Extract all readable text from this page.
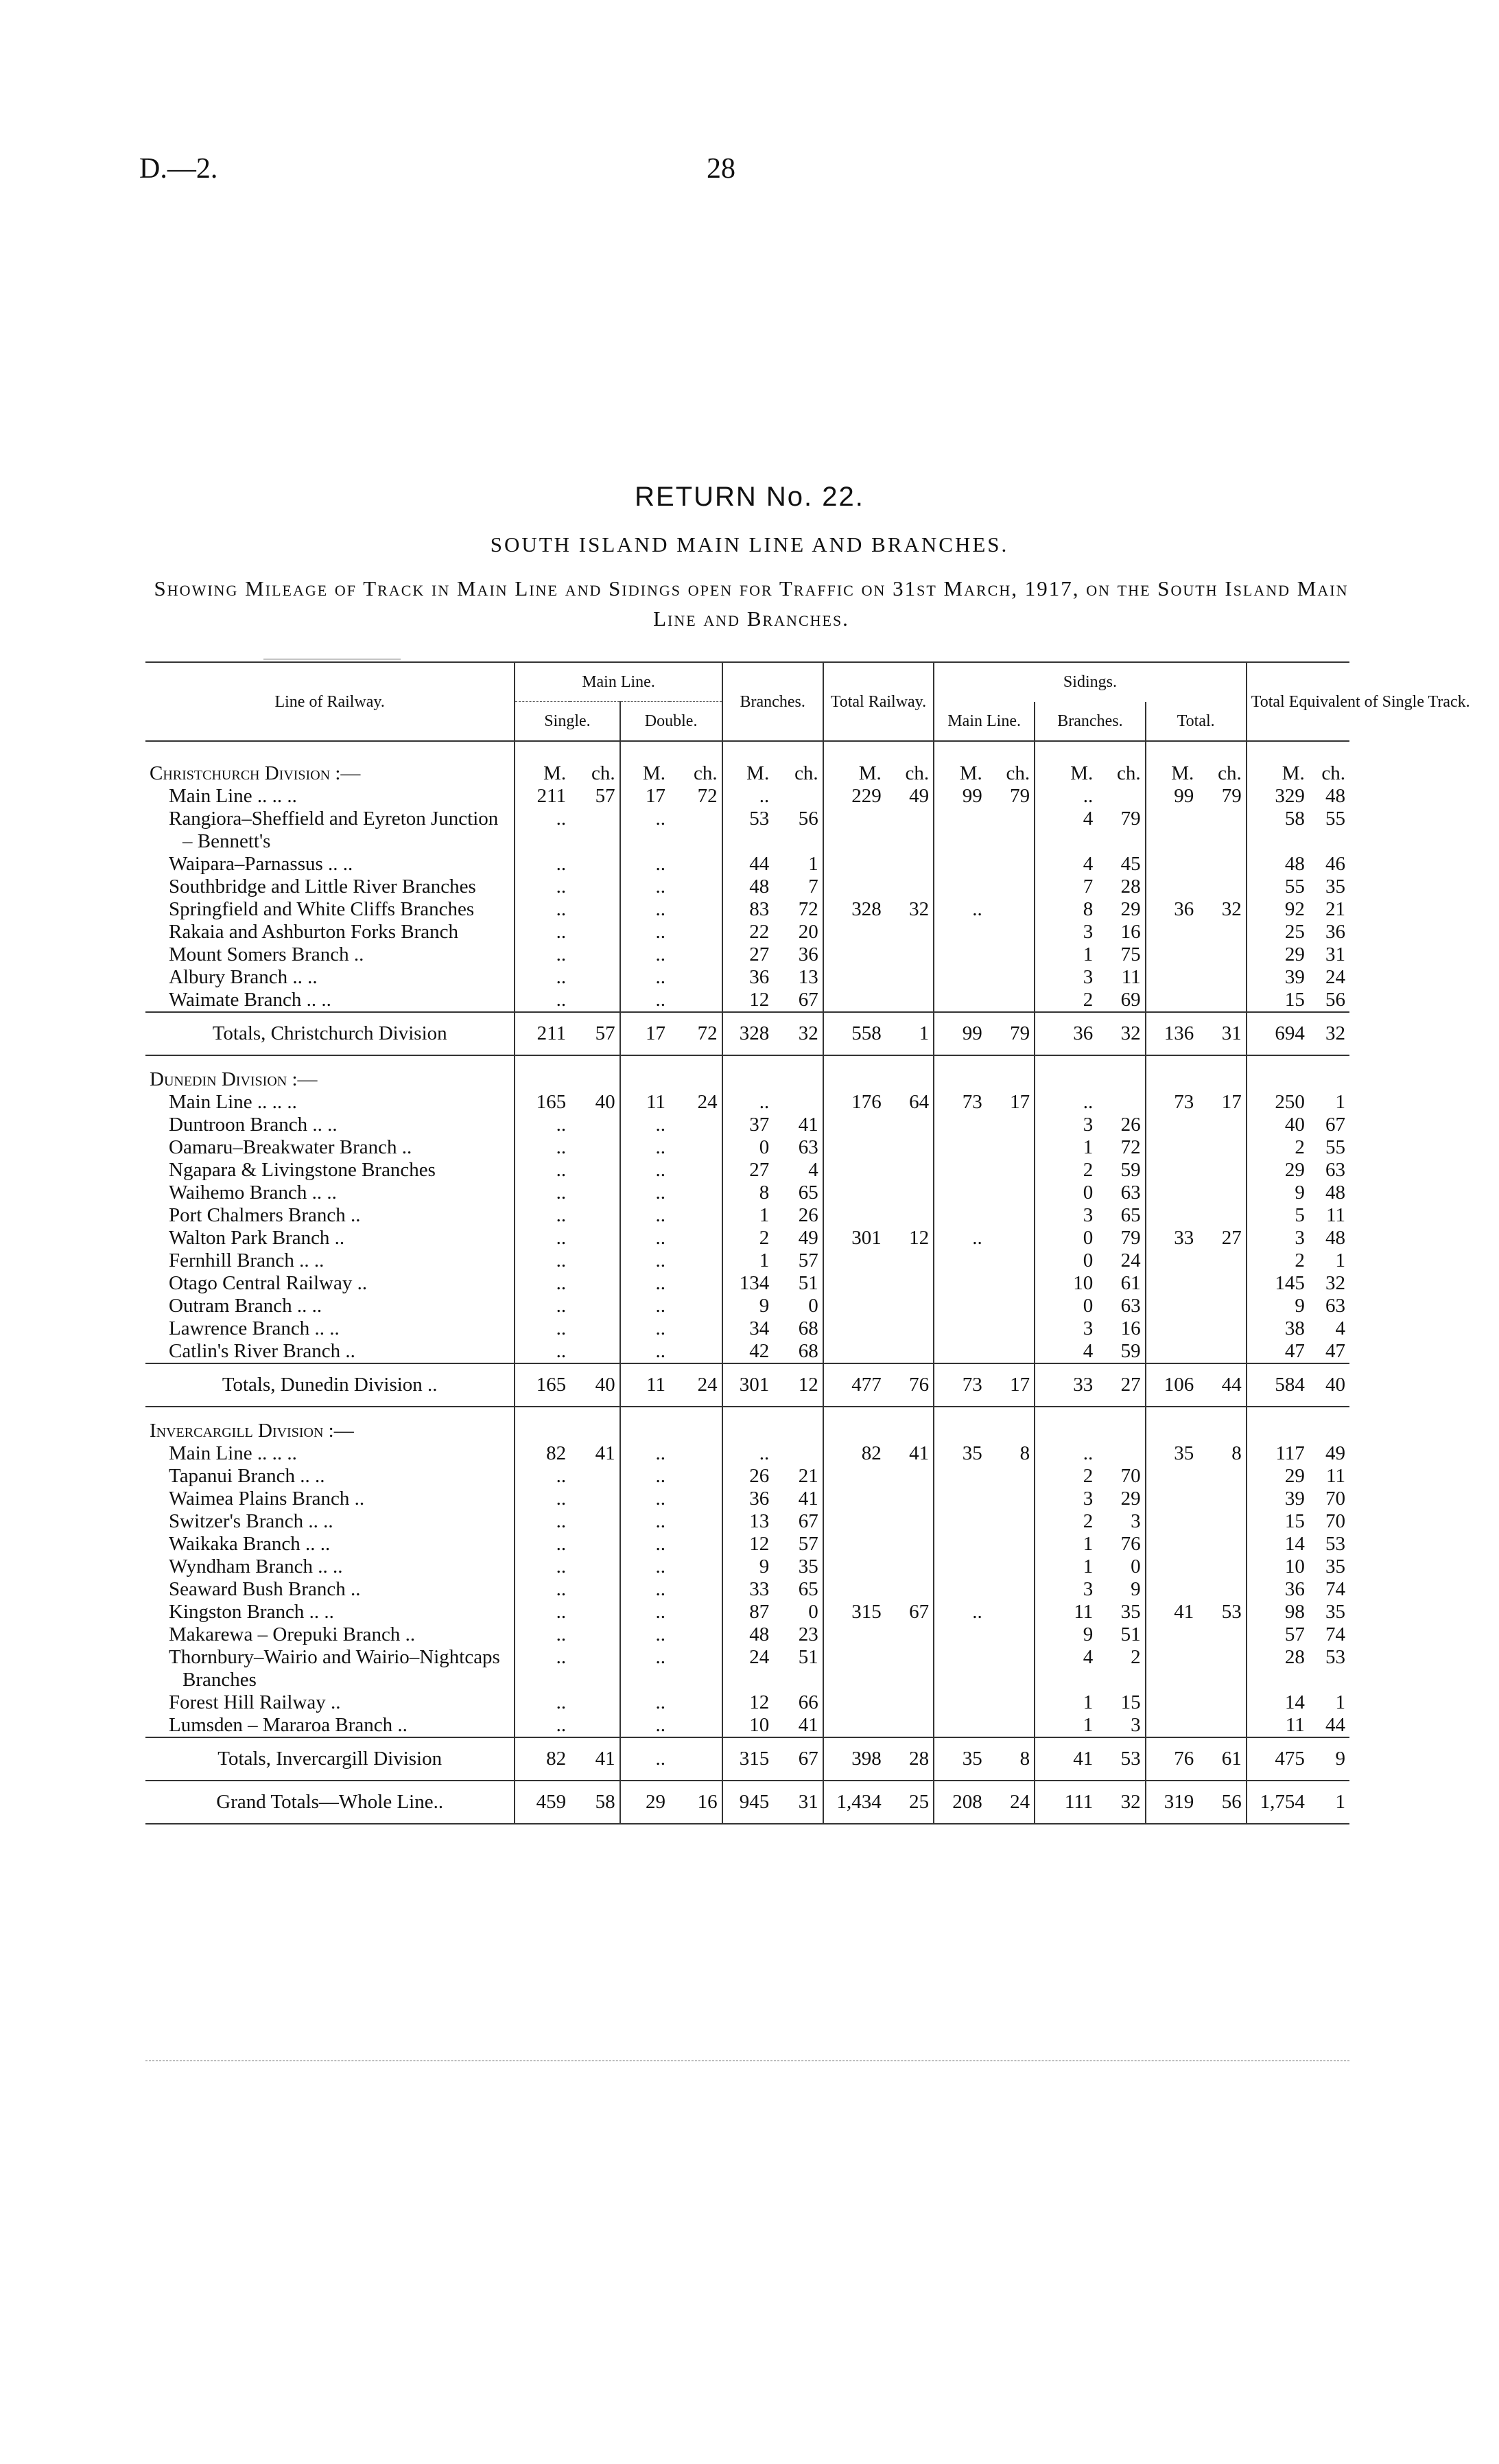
D.—2.	28
RETURN No. 22.
SOUTH ISLAND MAIN LINE AND BRANCHES.
Showing Mileage of Track in Main Line and Sidings open for Traffic on 31st March, 1917, on the South Island Main Line and Branches.
Line of Railway.	Main Line.				Branches.		Total Railway.		Sidings.						Total Equivalent of Single Track.	
	Single.		Double.						Main Line.		Branches.		Total.			
Christchurch Division :—	M.	ch.	M.	ch.	M.	ch.	M.	ch.	M.	ch.	M.	ch.	M.	ch.	M.	ch.

Main Line .. .. ..	211	57	17	72	..		229	49	99	79	..		99	79	329	48

Rangiora–Sheffield and Eyreton Junction – Bennett's	..		..		53	56					4	79			58	55

Waipara–Parnassus .. ..	..		..		44	1					4	45			48	46

Southbridge and Little River Branches	..		..		48	7					7	28			55	35

Springfield and White Cliffs Branches	..		..		83	72	328	32	..		8	29	36	32	92	21

Rakaia and Ashburton Forks Branch	..		..		22	20					3	16			25	36

Mount Somers Branch ..	..		..		27	36					1	75			29	31

Albury Branch .. ..	..		..		36	13					3	11			39	24

Waimate Branch .. ..	..		..		12	67					2	69			15	56
Totals, Christchurch Division	211	57	17	72	328	32	558	1	99	79	36	32	136	31	694	32
Dunedin Division :—																

Main Line .. .. ..	165	40	11	24	..		176	64	73	17	..		73	17	250	1

Duntroon Branch .. ..	..		..		37	41					3	26			40	67

Oamaru–Breakwater Branch ..	..		..		0	63					1	72			2	55

Ngapara & Livingstone Branches	..		..		27	4					2	59			29	63

Waihemo Branch .. ..	..		..		8	65					0	63			9	48

Port Chalmers Branch ..	..		..		1	26					3	65			5	11

Walton Park Branch ..	..		..		2	49	301	12	..		0	79	33	27	3	48

Fernhill Branch .. ..	..		..		1	57					0	24			2	1

Otago Central Railway ..	..		..		134	51					10	61			145	32

Outram Branch .. ..	..		..		9	0					0	63			9	63

Lawrence Branch .. ..	..		..		34	68					3	16			38	4

Catlin's River Branch ..	..		..		42	68					4	59			47	47
Totals, Dunedin Division ..	165	40	11	24	301	12	477	76	73	17	33	27	106	44	584	40
Invercargill Division :—																

Main Line .. .. ..	82	41	..		..		82	41	35	8	..		35	8	117	49

Tapanui Branch .. ..	..		..		26	21					2	70			29	11

Waimea Plains Branch ..	..		..		36	41					3	29			39	70

Switzer's Branch .. ..	..		..		13	67					2	3			15	70

Waikaka Branch .. ..	..		..		12	57					1	76			14	53

Wyndham Branch .. ..	..		..		9	35					1	0			10	35

Seaward Bush Branch ..	..		..		33	65					3	9			36	74

Kingston Branch .. ..	..		..		87	0	315	67	..		11	35	41	53	98	35

Makarewa – Orepuki Branch ..	..		..		48	23					9	51			57	74

Thornbury–Wairio and Wairio–Nightcaps Branches	..		..		24	51					4	2			28	53

Forest Hill Railway ..	..		..		12	66					1	15			14	1

Lumsden – Mararoa Branch ..	..		..		10	41					1	3			11	44
Totals, Invercargill Division	82	41	..		315	67	398	28	35	8	41	53	76	61	475	9
Grand Totals—Whole Line..	459	58	29	16	945	31	1,434	25	208	24	111	32	319	56	1,754	1
